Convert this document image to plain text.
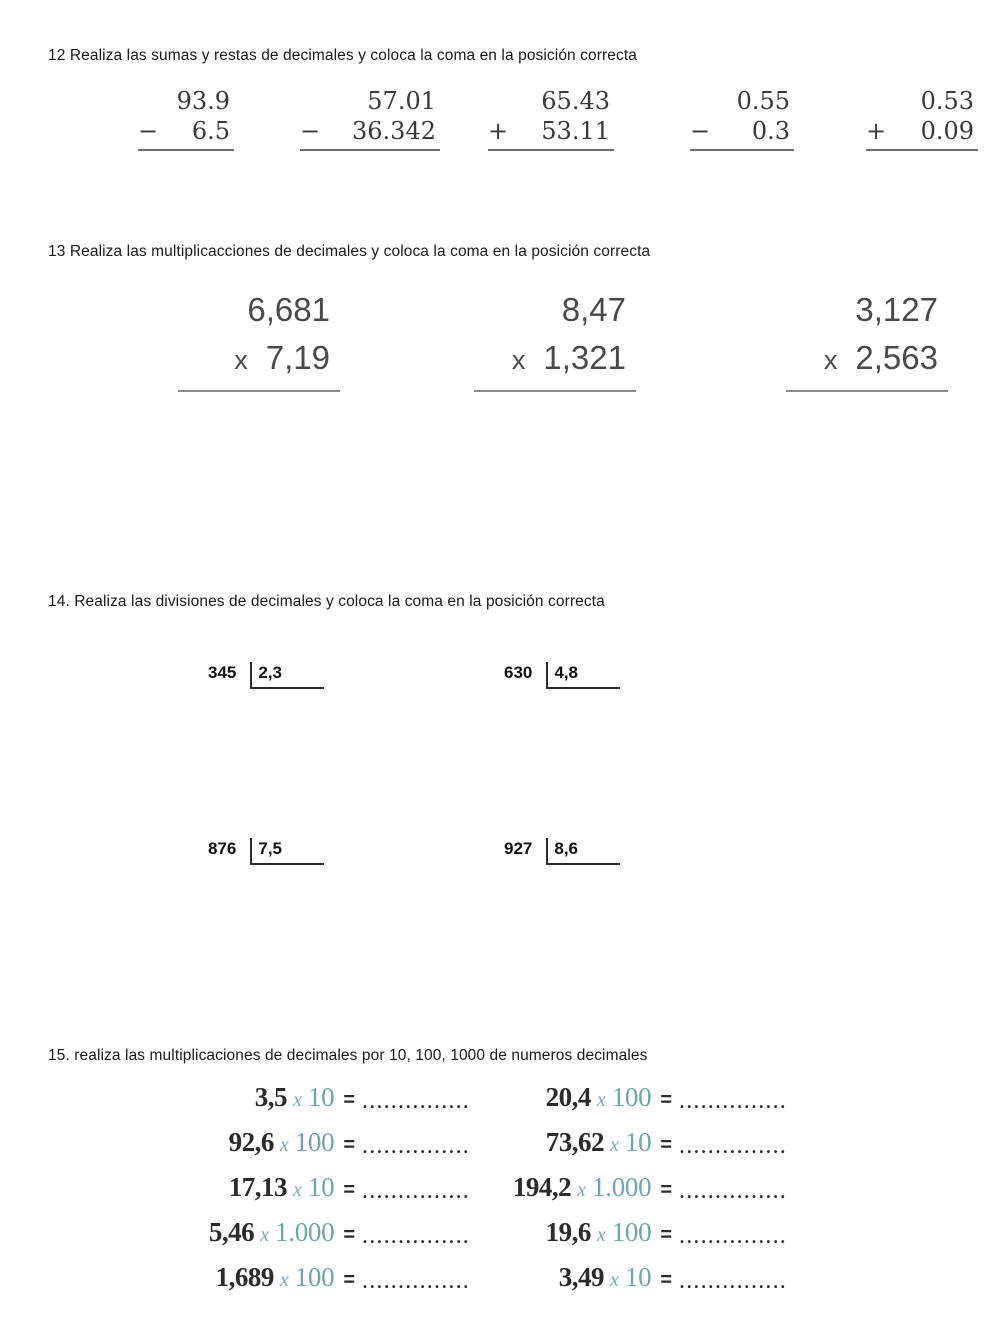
12 Realiza las sumas y restas de decimales y coloca la coma en la posición correcta
93.9
− 6.5
57.01
− 36.342
65.43
+ 53.11
0.55
− 0.3
0.53
+ 0.09
13 Realiza las multiplicacciones de decimales y coloca la coma en la posición correcta
6,681
x 7,19
8,47
x 1,321
3,127
x 2,563
14. Realiza las divisiones de decimales y coloca la coma en la posición correcta
345	2,3	630	4,8
876	7,5	927	8,6
15. realiza las multiplicaciones de decimales por 10, 100, 1000 de numeros decimales
3,5 x 10 = ...............
92,6 x 100 = ...............
17,13 x 10 = ...............
5,46 x 1.000 = ...............
1,689 x 100 = ...............
20,4 x 100 = ...............
73,62 x 10 = ...............
194,2 x 1.000 = ...............
19,6 x 100 = ...............
3,49 x 10 = ...............
